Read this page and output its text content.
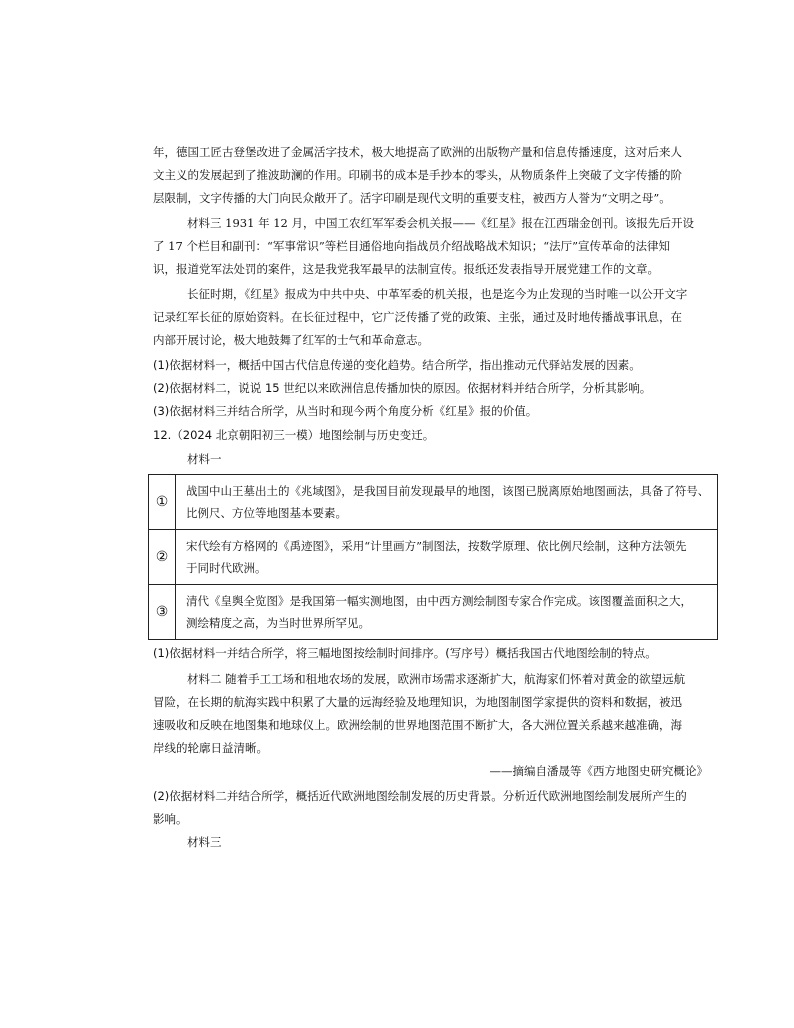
年，德国工匠古登堡改进了金属活字技术，极大地提高了欧洲的出版物产量和信息传播速度，这对后来人
文主义的发展起到了推波助澜的作用。印刷书的成本是手抄本的零头，从物质条件上突破了文字传播的阶
层限制，文字传播的大门向民众敞开了。活字印刷是现代文明的重要支柱，被西方人誉为“文明之母”。
材料三 1931 年 12 月，中国工农红军军委会机关报——《红星》报在江西瑞金创刊。该报先后开设
了 17 个栏目和副刊：“军事常识”等栏目通俗地向指战员介绍战略战术知识；“法厅”宣传革命的法律知
识，报道党军法处罚的案件，这是我党我军最早的法制宣传。报纸还发表指导开展党建工作的文章。
长征时期，《红星》报成为中共中央、中革军委的机关报，也是迄今为止发现的当时唯一以公开文字
记录红军长征的原始资料。在长征过程中，它广泛传播了党的政策、主张，通过及时地传播战事讯息，在
内部开展讨论，极大地鼓舞了红军的士气和革命意志。
(1)依据材料一，概括中国古代信息传递的变化趋势。结合所学，指出推动元代驿站发展的因素。
(2)依据材料二，说说 15 世纪以来欧洲信息传播加快的原因。依据材料并结合所学，分析其影响。
(3)依据材料三并结合所学，从当时和现今两个角度分析《红星》报的价值。
12.（2024 北京朝阳初三一模）地图绘制与历史变迁。
材料一
①	战国中山王墓出土的《兆域图》，是我国目前发现最早的地图，该图已脱离原始地图画法，具备了符号、
比例尺、方位等地图基本要素。

②	宋代绘有方格网的《禹迹图》，采用“计里画方”制图法，按数学原理、依比例尺绘制，这种方法领先
于同时代欧洲。

③	清代《皇舆全览图》是我国第一幅实测地图，由中西方测绘制图专家合作完成。该图覆盖面积之大，
测绘精度之高，为当时世界所罕见。
(1)依据材料一并结合所学，将三幅地图按绘制时间排序。(写序号）概括我国古代地图绘制的特点。
材料二 随着手工工场和租地农场的发展，欧洲市场需求逐渐扩大，航海家们怀着对黄金的欲望远航
冒险，在长期的航海实践中积累了大量的远海经验及地理知识，为地图制图学家提供的资料和数据，被迅
速吸收和反映在地图集和地球仪上。欧洲绘制的世界地图范围不断扩大，各大洲位置关系越来越准确，海
岸线的轮廓日益清晰。
——摘编自潘晟等《西方地图史研究概论》
(2)依据材料二并结合所学，概括近代欧洲地图绘制发展的历史背景。分析近代欧洲地图绘制发展所产生的
影响。
材料三
